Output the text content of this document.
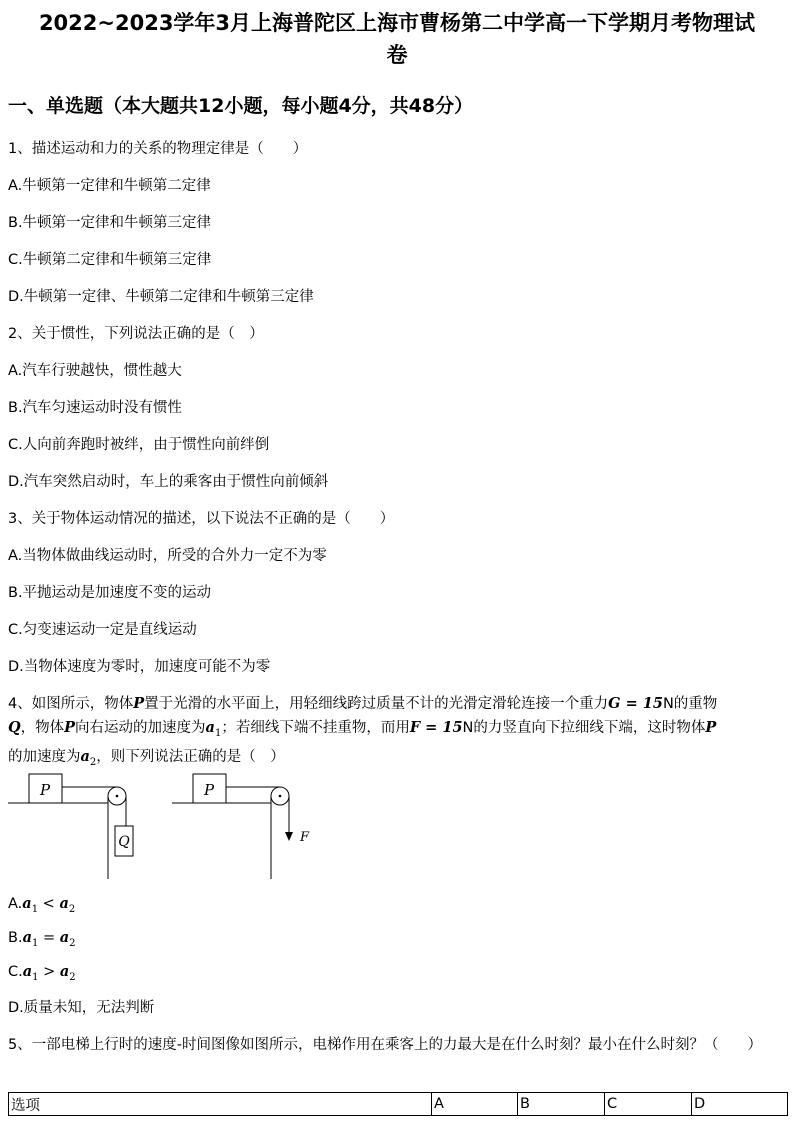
2022~2023学年3月上海普陀区上海市曹杨第二中学高一下学期月考物理试
卷
一、单选题（本大题共12小题，每小题4分，共48分）
1、描述运动和力的关系的物理定律是（　　）
A.牛顿第一定律和牛顿第二定律
B.牛顿第一定律和牛顿第三定律
C.牛顿第二定律和牛顿第三定律
D.牛顿第一定律、牛顿第二定律和牛顿第三定律
2、关于惯性，下列说法正确的是（　）
A.汽车行驶越快，惯性越大
B.汽车匀速运动时没有惯性
C.人向前奔跑时被绊，由于惯性向前绊倒
D.汽车突然启动时，车上的乘客由于惯性向前倾斜
3、关于物体运动情况的描述，以下说法不正确的是（　　）
A.当物体做曲线运动时，所受的合外力一定不为零
B.平抛运动是加速度不变的运动
C.匀变速运动一定是直线运动
D.当物体速度为零时，加速度可能不为零
4、如图所示，物体P置于光滑的水平面上，用轻细线跨过质量不计的光滑定滑轮连接一个重力G = 15N的重物
Q，物体P向右运动的加速度为$a_1$；若细线下端不挂重物，而用F = 15N的力竖直向下拉细线下端，这时物体P
的加速度为$a_2$，则下列说法正确的是（　）
P
Q
P
F
$A.a_1 < a_2$
$B.a_1 = a_2$
$C.a_1 > a_2$
D.质量未知，无法判断
5、一部电梯上行时的速度-时间图像如图所示，电梯作用在乘客上的力最大是在什么时刻？最小在什么时刻？（　　）
选项	A	B	C	D
